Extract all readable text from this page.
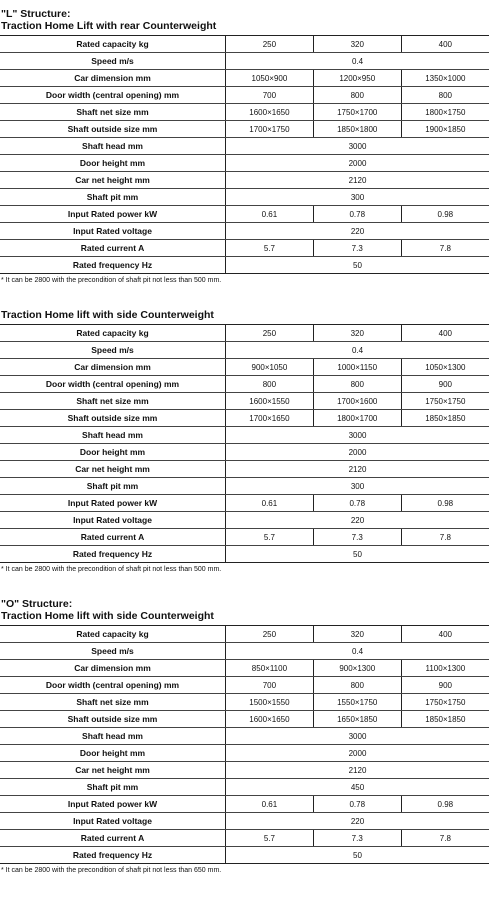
"L" Structure:
Traction Home Lift with rear Counterweight
Rated capacity kg	250	320	400
Speed m/s	0.4		
Car dimension mm	1050×900	1200×950	1350×1000
Door width (central opening) mm	700	800	800
Shaft net size mm	1600×1650	1750×1700	1800×1750
Shaft outside size mm	1700×1750	1850×1800	1900×1850
Shaft head mm	3000		
Door height mm	2000		
Car net height mm	2120		
Shaft pit mm	300		
Input Rated power kW	0.61	0.78	0.98
Input Rated voltage	220		
Rated current A	5.7	7.3	7.8
Rated frequency Hz	50		
* It can be 2800 with the precondition of shaft pit not less than 500 mm.
Traction Home lift with side Counterweight
Rated capacity kg	250	320	400
Speed m/s	0.4		
Car dimension mm	900×1050	1000×1150	1050×1300
Door width (central opening) mm	800	800	900
Shaft net size mm	1600×1550	1700×1600	1750×1750
Shaft outside size mm	1700×1650	1800×1700	1850×1850
Shaft head mm	3000		
Door height mm	2000		
Car net height mm	2120		
Shaft pit mm	300		
Input Rated power kW	0.61	0.78	0.98
Input Rated voltage	220		
Rated current A	5.7	7.3	7.8
Rated frequency Hz	50		
* It can be 2800 with the precondition of shaft pit not less than 500 mm.
"O" Structure:
Traction Home lift with side Counterweight
Rated capacity kg	250	320	400
Speed m/s	0.4		
Car dimension mm	850×1100	900×1300	1100×1300
Door width (central opening) mm	700	800	900
Shaft net size mm	1500×1550	1550×1750	1750×1750
Shaft outside size mm	1600×1650	1650×1850	1850×1850
Shaft head mm	3000		
Door height mm	2000		
Car net height mm	2120		
Shaft pit mm	450		
Input Rated power kW	0.61	0.78	0.98
Input Rated voltage	220		
Rated current A	5.7	7.3	7.8
Rated frequency Hz	50		
* It can be 2800 with the precondition of shaft pit not less than 650 mm.
